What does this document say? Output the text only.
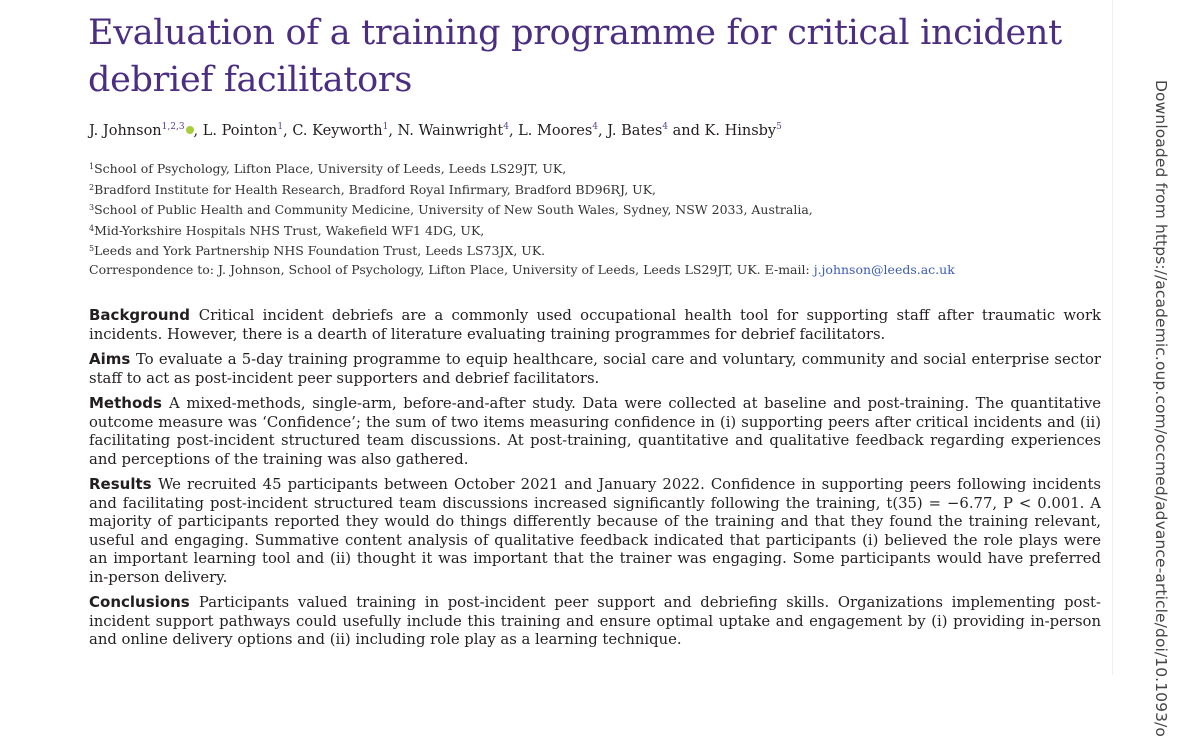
Evaluation of a training programme for critical incident debrief facilitators
J. Johnson$^{1,2,3}$ , L. Pointon$^1$, C. Keyworth$^1$, N. Wainwright$^4$, L. Moores$^4$, J. Bates$^4$ and K. Hinsby$^5$
$^1$School of Psychology, Lifton Place, University of Leeds, Leeds LS29JT, UK,
$^2$Bradford Institute for Health Research, Bradford Royal Infirmary, Bradford BD96RJ, UK,
$^3$School of Public Health and Community Medicine, University of New South Wales, Sydney, NSW 2033, Australia,
$^4$Mid-Yorkshire Hospitals NHS Trust, Wakefield WF1 4DG, UK,
$^5$Leeds and York Partnership NHS Foundation Trust, Leeds LS73JX, UK.
Correspondence to: J. Johnson, School of Psychology, Lifton Place, University of Leeds, Leeds LS29JT, UK. E-mail: j.johnson@leeds.ac.uk

Background Critical incident debriefs are a commonly used occupational health tool for supporting staff after traumatic work incidents. However, there is a dearth of literature evaluating training programmes for debrief facilitators.

Aims To evaluate a 5-day training programme to equip healthcare, social care and voluntary, community and social enterprise sector staff to act as post-incident peer supporters and debrief facilitators.

Methods A mixed-methods, single-arm, before-and-after study. Data were collected at baseline and post-training. The quantitative outcome measure was ‘Confidence’; the sum of two items measuring confidence in (i) supporting peers after critical incidents and (ii) facilitating post-incident structured team discussions. At post-training, quantitative and qualitative feedback regarding experiences and perceptions of the training was also gathered.

Results We recruited 45 participants between October 2021 and January 2022. Confidence in supporting peers following incidents and facilitating post-incident structured team discussions increased significantly following the training, t(35) = −6.77, P < 0.001. A majority of participants reported they would do things differently because of the training and that they found the training relevant, useful and engaging. Summative content analysis of qualitative feedback indicated that participants (i) believed the role plays were an important learning tool and (ii) thought it was important that the trainer was engaging. Some participants would have preferred in-person delivery.

Conclusions Participants valued training in post-incident peer support and debriefing skills. Organizations implementing post-incident support pathways could usefully include this training and ensure optimal uptake and engagement by (i) providing in-person and online delivery options and (ii) including role play as a learning technique.	Downloaded from https://academic.oup.com/occmed/advance-article/doi/10.1093/o
